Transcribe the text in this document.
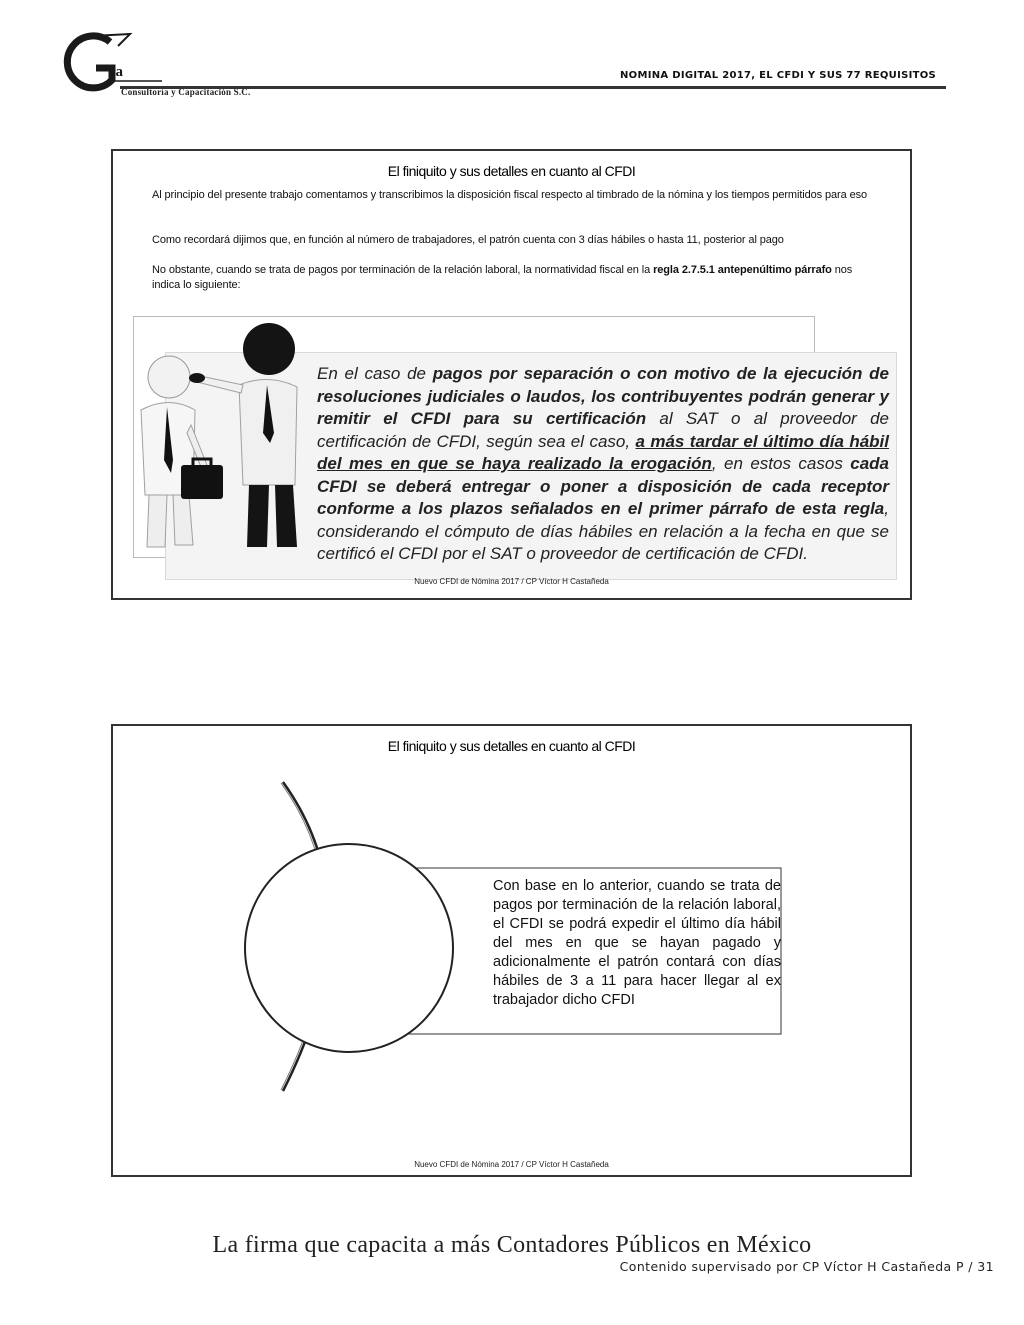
va
Consultoría y Capacitación S.C.
NOMINA DIGITAL 2017, EL CFDI Y SUS 77 REQUISITOS
El finiquito y sus detalles en cuanto al CFDI
Al principio del presente trabajo comentamos y transcribimos la disposición fiscal respecto al timbrado de la nómina y los tiempos permitidos para eso
Como recordará dijimos que, en función al número de trabajadores, el patrón cuenta con 3 días hábiles o hasta 11, posterior al pago
No obstante, cuando se trata de pagos por terminación de la relación laboral, la normatividad fiscal en la regla 2.7.5.1 antepenúltimo párrafo nos indica lo siguiente:
En el caso de pagos por separación o con motivo de la ejecución de resoluciones judiciales o laudos, los contribuyentes podrán generar y remitir el CFDI para su certificación al SAT o al proveedor de certificación de CFDI, según sea el caso, a más tardar el último día hábil del mes en que se haya realizado la erogación, en estos casos cada CFDI se deberá entregar o poner a disposición de cada receptor conforme a los plazos señalados en el primer párrafo de esta regla, considerando el cómputo de días hábiles en relación a la fecha en que se certificó el CFDI por el SAT o proveedor de certificación de CFDI.
Nuevo CFDI de Nómina 2017 / CP Víctor H Castañeda
El finiquito y sus detalles en cuanto al CFDI
Con base en lo anterior, cuando se trata de pagos por terminación de la relación laboral, el CFDI se podrá expedir el último día hábil del mes en que se hayan pagado y adicionalmente el patrón contará con días hábiles de 3 a 11 para hacer llegar al ex trabajador dicho CFDI
Nuevo CFDI de Nómina 2017 / CP Víctor H Castañeda
La firma que capacita a más Contadores Públicos en México
Contenido supervisado por CP Víctor H Castañeda P / 31
